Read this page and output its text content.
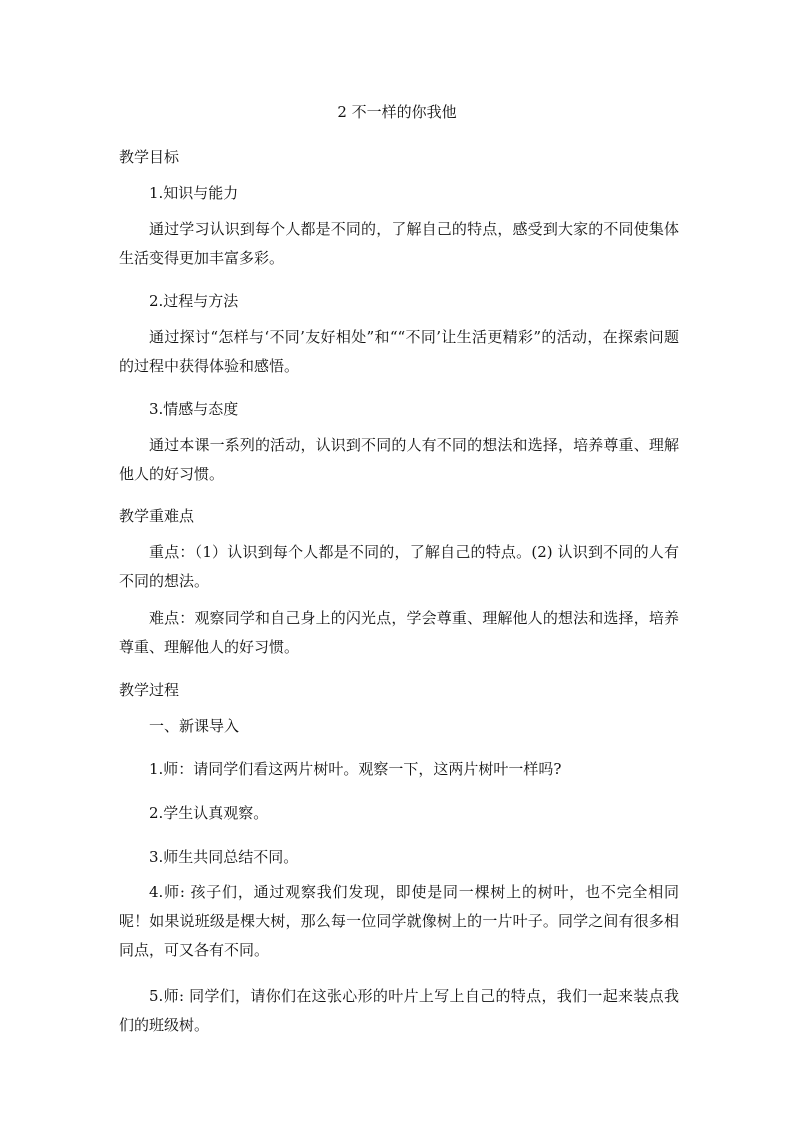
2 不一样的你我他
教学目标
1.知识与能力
通过学习认识到每个人都是不同的，了解自己的特点，感受到大家的不同使集体生活变得更加丰富多彩。
2.过程与方法
通过探讨“怎样与‘不同’友好相处”和““不同’让生活更精彩”的活动，在探索问题的过程中获得体验和感悟。
3.情感与态度
通过本课一系列的活动，认识到不同的人有不同的想法和选择，培养尊重、理解他人的好习惯。
教学重难点
重点：（1）认识到每个人都是不同的，了解自己的特点。(2) 认识到不同的人有不同的想法。
难点：观察同学和自己身上的闪光点，学会尊重、理解他人的想法和选择，培养尊重、理解他人的好习惯。
教学过程
一、新课导入
1.师：请同学们看这两片树叶。观察一下，这两片树叶一样吗?
2.学生认真观察。
3.师生共同总结不同。
4.师: 孩子们，通过观察我们发现，即使是同一棵树上的树叶，也不完全相同呢！如果说班级是棵大树，那么每一位同学就像树上的一片叶子。同学之间有很多相同点，可又各有不同。
5.师: 同学们，请你们在这张心形的叶片上写上自己的特点，我们一起来装点我们的班级树。
